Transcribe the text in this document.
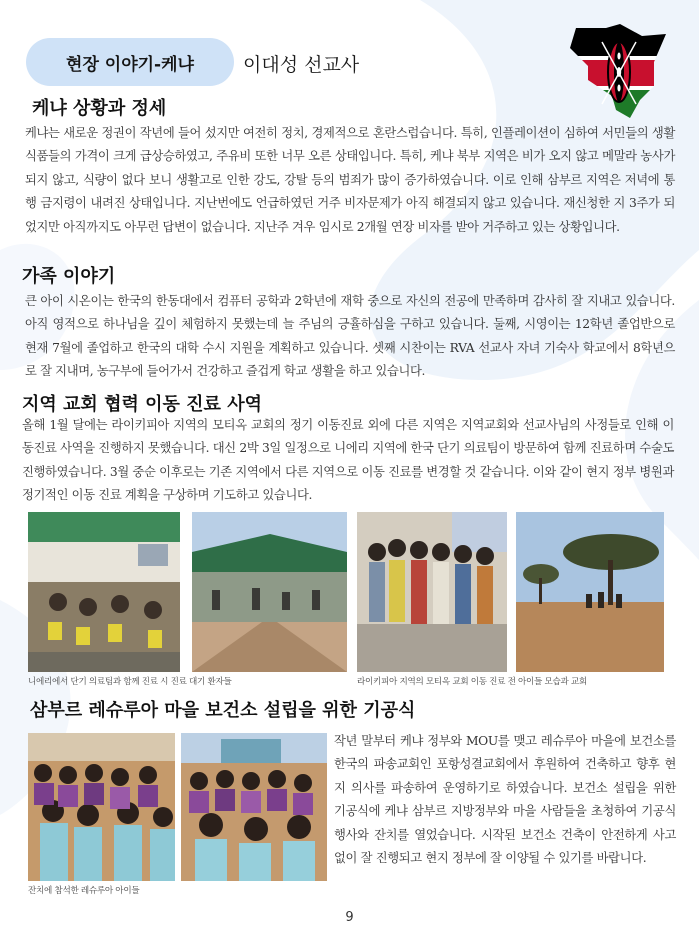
현장 이야기-케냐	이대성 선교사
케냐 상황과 정세
케냐는 새로운 정권이 작년에 들어 섰지만 여전히 정치, 경제적으로 혼란스럽습니다. 특히, 인플레이션이 심하여 서민들의 생활 식품들의 가격이 크게 급상승하였고, 주유비 또한 너무 오른 상태입니다. 특히, 케냐 북부 지역은 비가 오지 않고 메말라 농사가 되지 않고, 식량이 없다 보니 생활고로 인한 강도, 강탈 등의 범죄가 많이 증가하였습니다. 이로 인해 삼부르 지역은 저녁에 통행 금지령이 내려진 상태입니다. 지난번에도 언급하였던 거주 비자문제가 아직 해결되지 않고 있습니다. 재신청한 지 3주가 되었지만 아직까지도 아무런 답변이 없습니다. 지난주 겨우 임시로 2개월 연장 비자를 받아 거주하고 있는 상황입니다.
가족 이야기
큰 아이 시온이는 한국의 한동대에서 컴퓨터 공학과 2학년에 재학 중으로 자신의 전공에 만족하며 감사히 잘 지내고 있습니다. 아직 영적으로 하나님을 깊이 체험하지 못했는데 늘 주님의 긍휼하심을 구하고 있습니다. 둘째, 시영이는 12학년 졸업반으로 현재 7월에 졸업하고 한국의 대학 수시 지원을 계획하고 있습니다. 셋째 시찬이는 RVA 선교사 자녀 기숙사 학교에서 8학년으로 잘 지내며, 농구부에 들어가서 건강하고 즐겁게 학교 생활을 하고 있습니다.
지역 교회 협력 이동 진료 사역
올해 1월 달에는 라이키피아 지역의 모티옥 교회의 정기 이동진료 외에 다른 지역은 지역교회와 선교사님의 사정들로 인해 이동진료 사역을 진행하지 못했습니다. 대신 2박 3일 일정으로 니에리 지역에 한국 단기 의료팀이 방문하여 함께 진료하며 수술도 진행하였습니다. 3월 중순 이후로는 기존 지역에서 다른 지역으로 이동 진료를 변경할 것 같습니다. 이와 같이 현지 정부 병원과 정기적인 이동 진료 계획을 구상하며 기도하고 있습니다.
니에리에서 단기 의료팀과 함께 진료 시 진료 대기 환자들	라이키피아 지역의 모티옥 교회 이동 진료 전 아이들 모습과 교회
삼부르 레슈루아 마을 보건소 설립을 위한 기공식
잔치에 참석한 레슈루아 아이들
작년 말부터 케냐 정부와 MOU를 맺고 레슈루아 마을에 보건소를 한국의 파송교회인 포항성결교회에서 후원하여 건축하고 향후 현지 의사를 파송하여 운영하기로 하였습니다. 보건소 설립을 위한 기공식에 케냐 삼부르 지방정부와 마을 사람들을 초청하여 기공식 행사와 잔치를 열었습니다. 시작된 보건소 건축이 안전하게 사고 없이 잘 진행되고 현지 정부에 잘 이양될 수 있기를 바랍니다.
9
